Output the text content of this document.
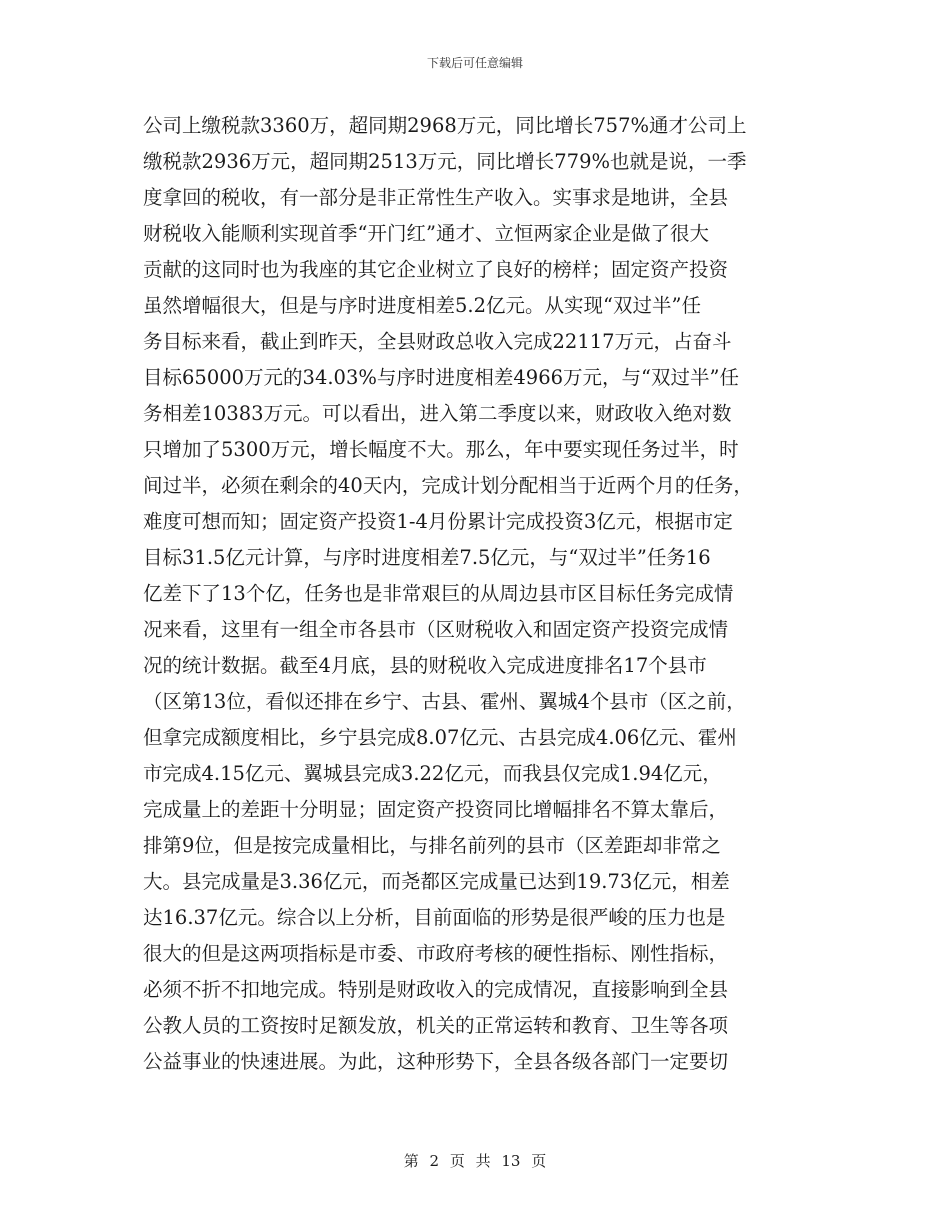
下载后可任意编辑
公司上缴税款3360万，超同期2968万元，同比增长757%通才公司上
缴税款2936万元，超同期2513万元，同比增长779%也就是说，一季
度拿回的税收，有一部分是非正常性生产收入。实事求是地讲，全县
财税收入能顺利实现首季“开门红”通才、立恒两家企业是做了很大
贡献的这同时也为我座的其它企业树立了良好的榜样；固定资产投资
虽然增幅很大，但是与序时进度相差5.2亿元。从实现“双过半”任
务目标来看，截止到昨天，全县财政总收入完成22117万元，占奋斗
目标65000万元的34.03%与序时进度相差4966万元，与“双过半”任
务相差10383万元。可以看出，进入第二季度以来，财政收入绝对数
只增加了5300万元，增长幅度不大。那么，年中要实现任务过半，时
间过半，必须在剩余的40天内，完成计划分配相当于近两个月的任务，
难度可想而知；固定资产投资1-4月份累计完成投资3亿元，根据市定
目标31.5亿元计算，与序时进度相差7.5亿元，与“双过半”任务16
亿差下了13个亿，任务也是非常艰巨的从周边县市区目标任务完成情
况来看，这里有一组全市各县市（区财税收入和固定资产投资完成情
况的统计数据。截至4月底，县的财税收入完成进度排名17个县市
（区第13位，看似还排在乡宁、古县、霍州、翼城4个县市（区之前，
但拿完成额度相比，乡宁县完成8.07亿元、古县完成4.06亿元、霍州
市完成4.15亿元、翼城县完成3.22亿元，而我县仅完成1.94亿元，
完成量上的差距十分明显；固定资产投资同比增幅排名不算太靠后，
排第9位，但是按完成量相比，与排名前列的县市（区差距却非常之
大。县完成量是3.36亿元，而尧都区完成量已达到19.73亿元，相差
达16.37亿元。综合以上分析，目前面临的形势是很严峻的压力也是
很大的但是这两项指标是市委、市政府考核的硬性指标、刚性指标，
必须不折不扣地完成。特别是财政收入的完成情况，直接影响到全县
公教人员的工资按时足额发放，机关的正常运转和教育、卫生等各项
公益事业的快速进展。为此，这种形势下，全县各级各部门一定要切
第 2 页 共 13 页
